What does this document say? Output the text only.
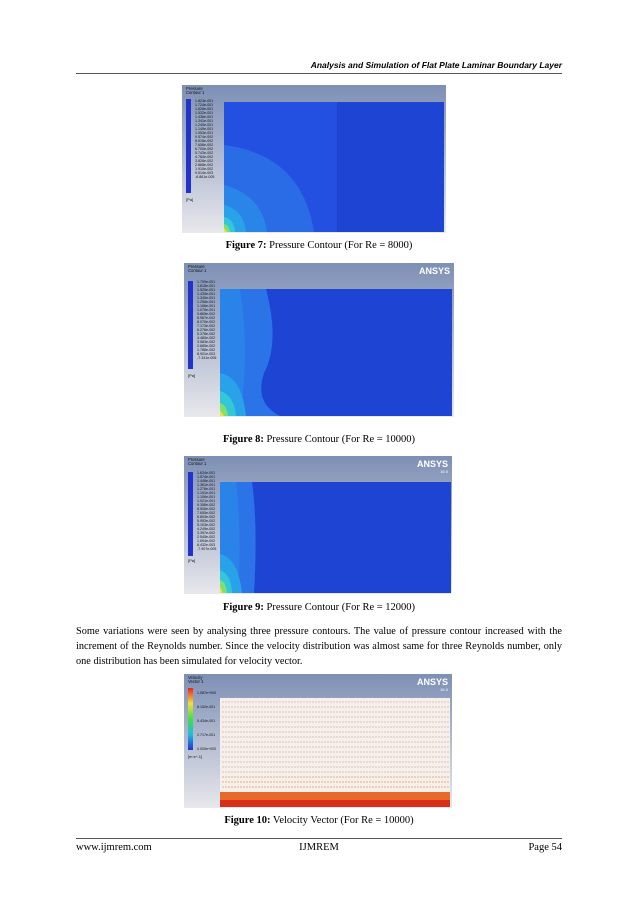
Analysis and Simulation of Flat Plate Laminar Boundary Layer
Pressure
Contour 1
1.823e-001
1.724e-001
1.626e-001
1.532e-001
1.436e-001
1.341e-001
1.245e-001
1.149e-001
1.053e-001
9.574e-002
8.616e-002
7.658e-002
6.700e-002
5.743e-002
4.784e-002
3.826e-002
2.868e-002
1.910e-002
9.514e-003
-6.861e-005
[Pa]
Figure 7: Pressure Contour (For Re = 8000)
ANSYS
Pressure
Contour 1
1.709e-001
1.615e-001
1.525e-001
1.435e-001
1.345e-001
1.256e-001
1.166e-001
1.076e-001
9.865e-002
8.967e-002
8.070e-002
7.173e-002
6.276e-002
5.378e-002
4.480e-002
3.583e-002
2.685e-002
1.788e-002
8.901e-003
-7.341e-005
[Pa]
Figure 8: Pressure Contour (For Re = 10000)
ANSYS
16.0
Pressure
Contour 1
1.634e-001
1.574e-001
1.446e-001
1.361e-001
1.276e-001
1.191e-001
1.106e-001
1.021e-001
9.358e-002
8.506e-002
7.655e-002
6.803e-002
5.953e-002
5.103e-002
4.249e-002
3.397e-002
2.545e-002
1.694e-002
8.432e-003
-7.907e-005
[Pa]
Figure 9: Pressure Contour (For Re = 12000)

Some variations were seen by analysing three pressure contours. The value of pressure contour increased with the increment of the Reynolds number. Since the velocity distribution was almost same for three Reynolds number, only one distribution has been simulated for velocity vector.

ANSYS
16.0
Velocity
Vector 1
1.087e+000
8.152e-001
5.434e-001
2.717e-001
0.000e+000
[m s^-1]
Figure 10: Velocity Vector (For Re = 10000)
www.ijmrem.com	IJMREM	Page 54
